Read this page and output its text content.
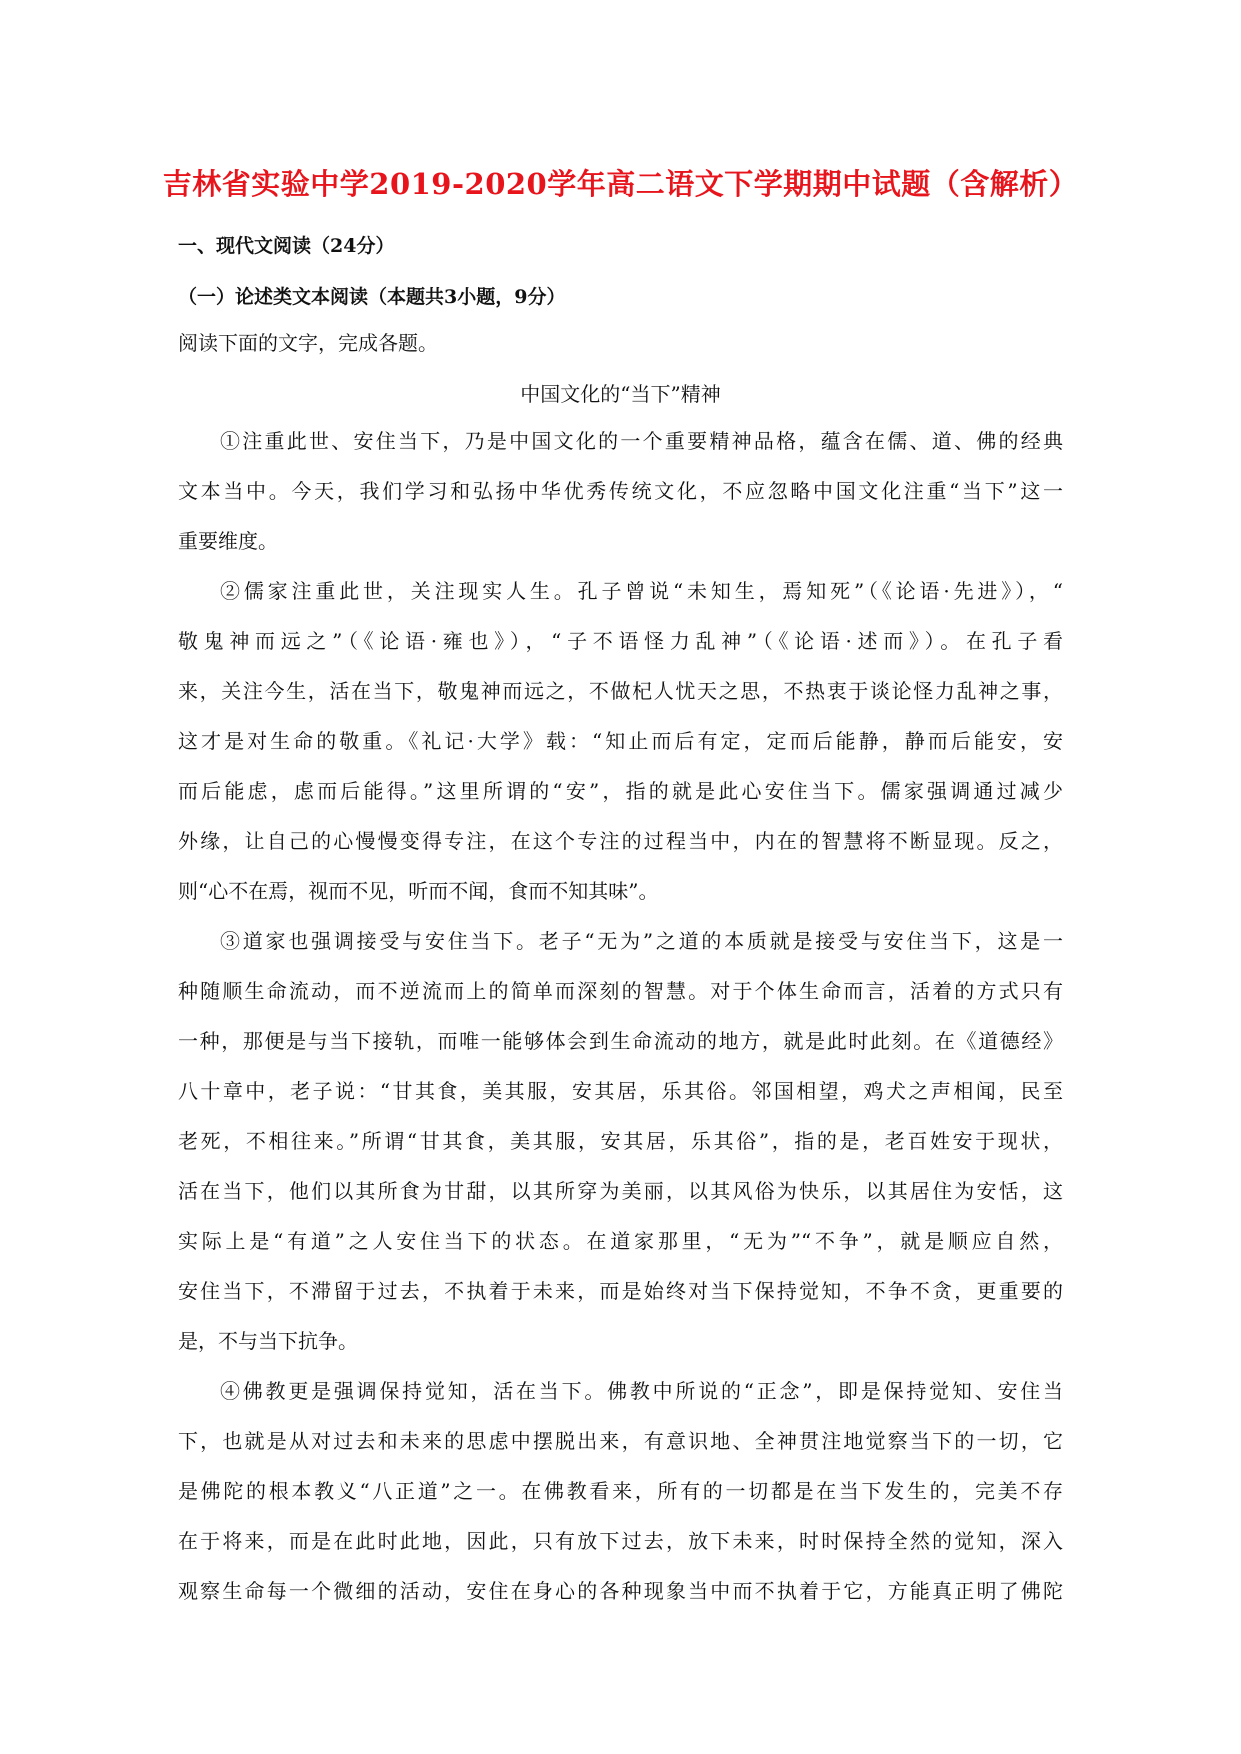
吉林省实验中学2019-2020学年高二语文下学期期中试题（含解析）
一、现代文阅读（24分）
（一）论述类文本阅读（本题共3小题，9分）
阅读下面的文字，完成各题。
中国文化的“当下”精神
①注重此世、安住当下，乃是中国文化的一个重要精神品格，蕴含在儒、道、佛的经典
文本当中。今天，我们学习和弘扬中华优秀传统文化，不应忽略中国文化注重“当下”这一
重要维度。
②儒家注重此世，关注现实人生。孔子曾说“未知生，焉知死”（《论语·先进》），“
敬鬼神而远之”（《论语·雍也》），“子不语怪力乱神”（《论语·述而》）。在孔子看
来，关注今生，活在当下，敬鬼神而远之，不做杞人忧天之思，不热衷于谈论怪力乱神之事，
这才是对生命的敬重。《礼记·大学》载：“知止而后有定，定而后能静，静而后能安，安
而后能虑，虑而后能得。”这里所谓的“安”，指的就是此心安住当下。儒家强调通过减少
外缘，让自己的心慢慢变得专注，在这个专注的过程当中，内在的智慧将不断显现。反之，
则“心不在焉，视而不见，听而不闻，食而不知其味”。
③道家也强调接受与安住当下。老子“无为”之道的本质就是接受与安住当下，这是一
种随顺生命流动，而不逆流而上的简单而深刻的智慧。对于个体生命而言，活着的方式只有
一种，那便是与当下接轨，而唯一能够体会到生命流动的地方，就是此时此刻。在《道德经》
八十章中，老子说：“甘其食，美其服，安其居，乐其俗。邻国相望，鸡犬之声相闻，民至
老死，不相往来。”所谓“甘其食，美其服，安其居，乐其俗”，指的是，老百姓安于现状，
活在当下，他们以其所食为甘甜，以其所穿为美丽，以其风俗为快乐，以其居住为安恬，这
实际上是“有道”之人安住当下的状态。在道家那里，“无为”“不争”，就是顺应自然，
安住当下，不滞留于过去，不执着于未来，而是始终对当下保持觉知，不争不贪，更重要的
是，不与当下抗争。
④佛教更是强调保持觉知，活在当下。佛教中所说的“正念”，即是保持觉知、安住当
下，也就是从对过去和未来的思虑中摆脱出来，有意识地、全神贯注地觉察当下的一切，它
是佛陀的根本教义“八正道”之一。在佛教看来，所有的一切都是在当下发生的，完美不存
在于将来，而是在此时此地，因此，只有放下过去，放下未来，时时保持全然的觉知，深入
观察生命每一个微细的活动，安住在身心的各种现象当中而不执着于它，方能真正明了佛陀
